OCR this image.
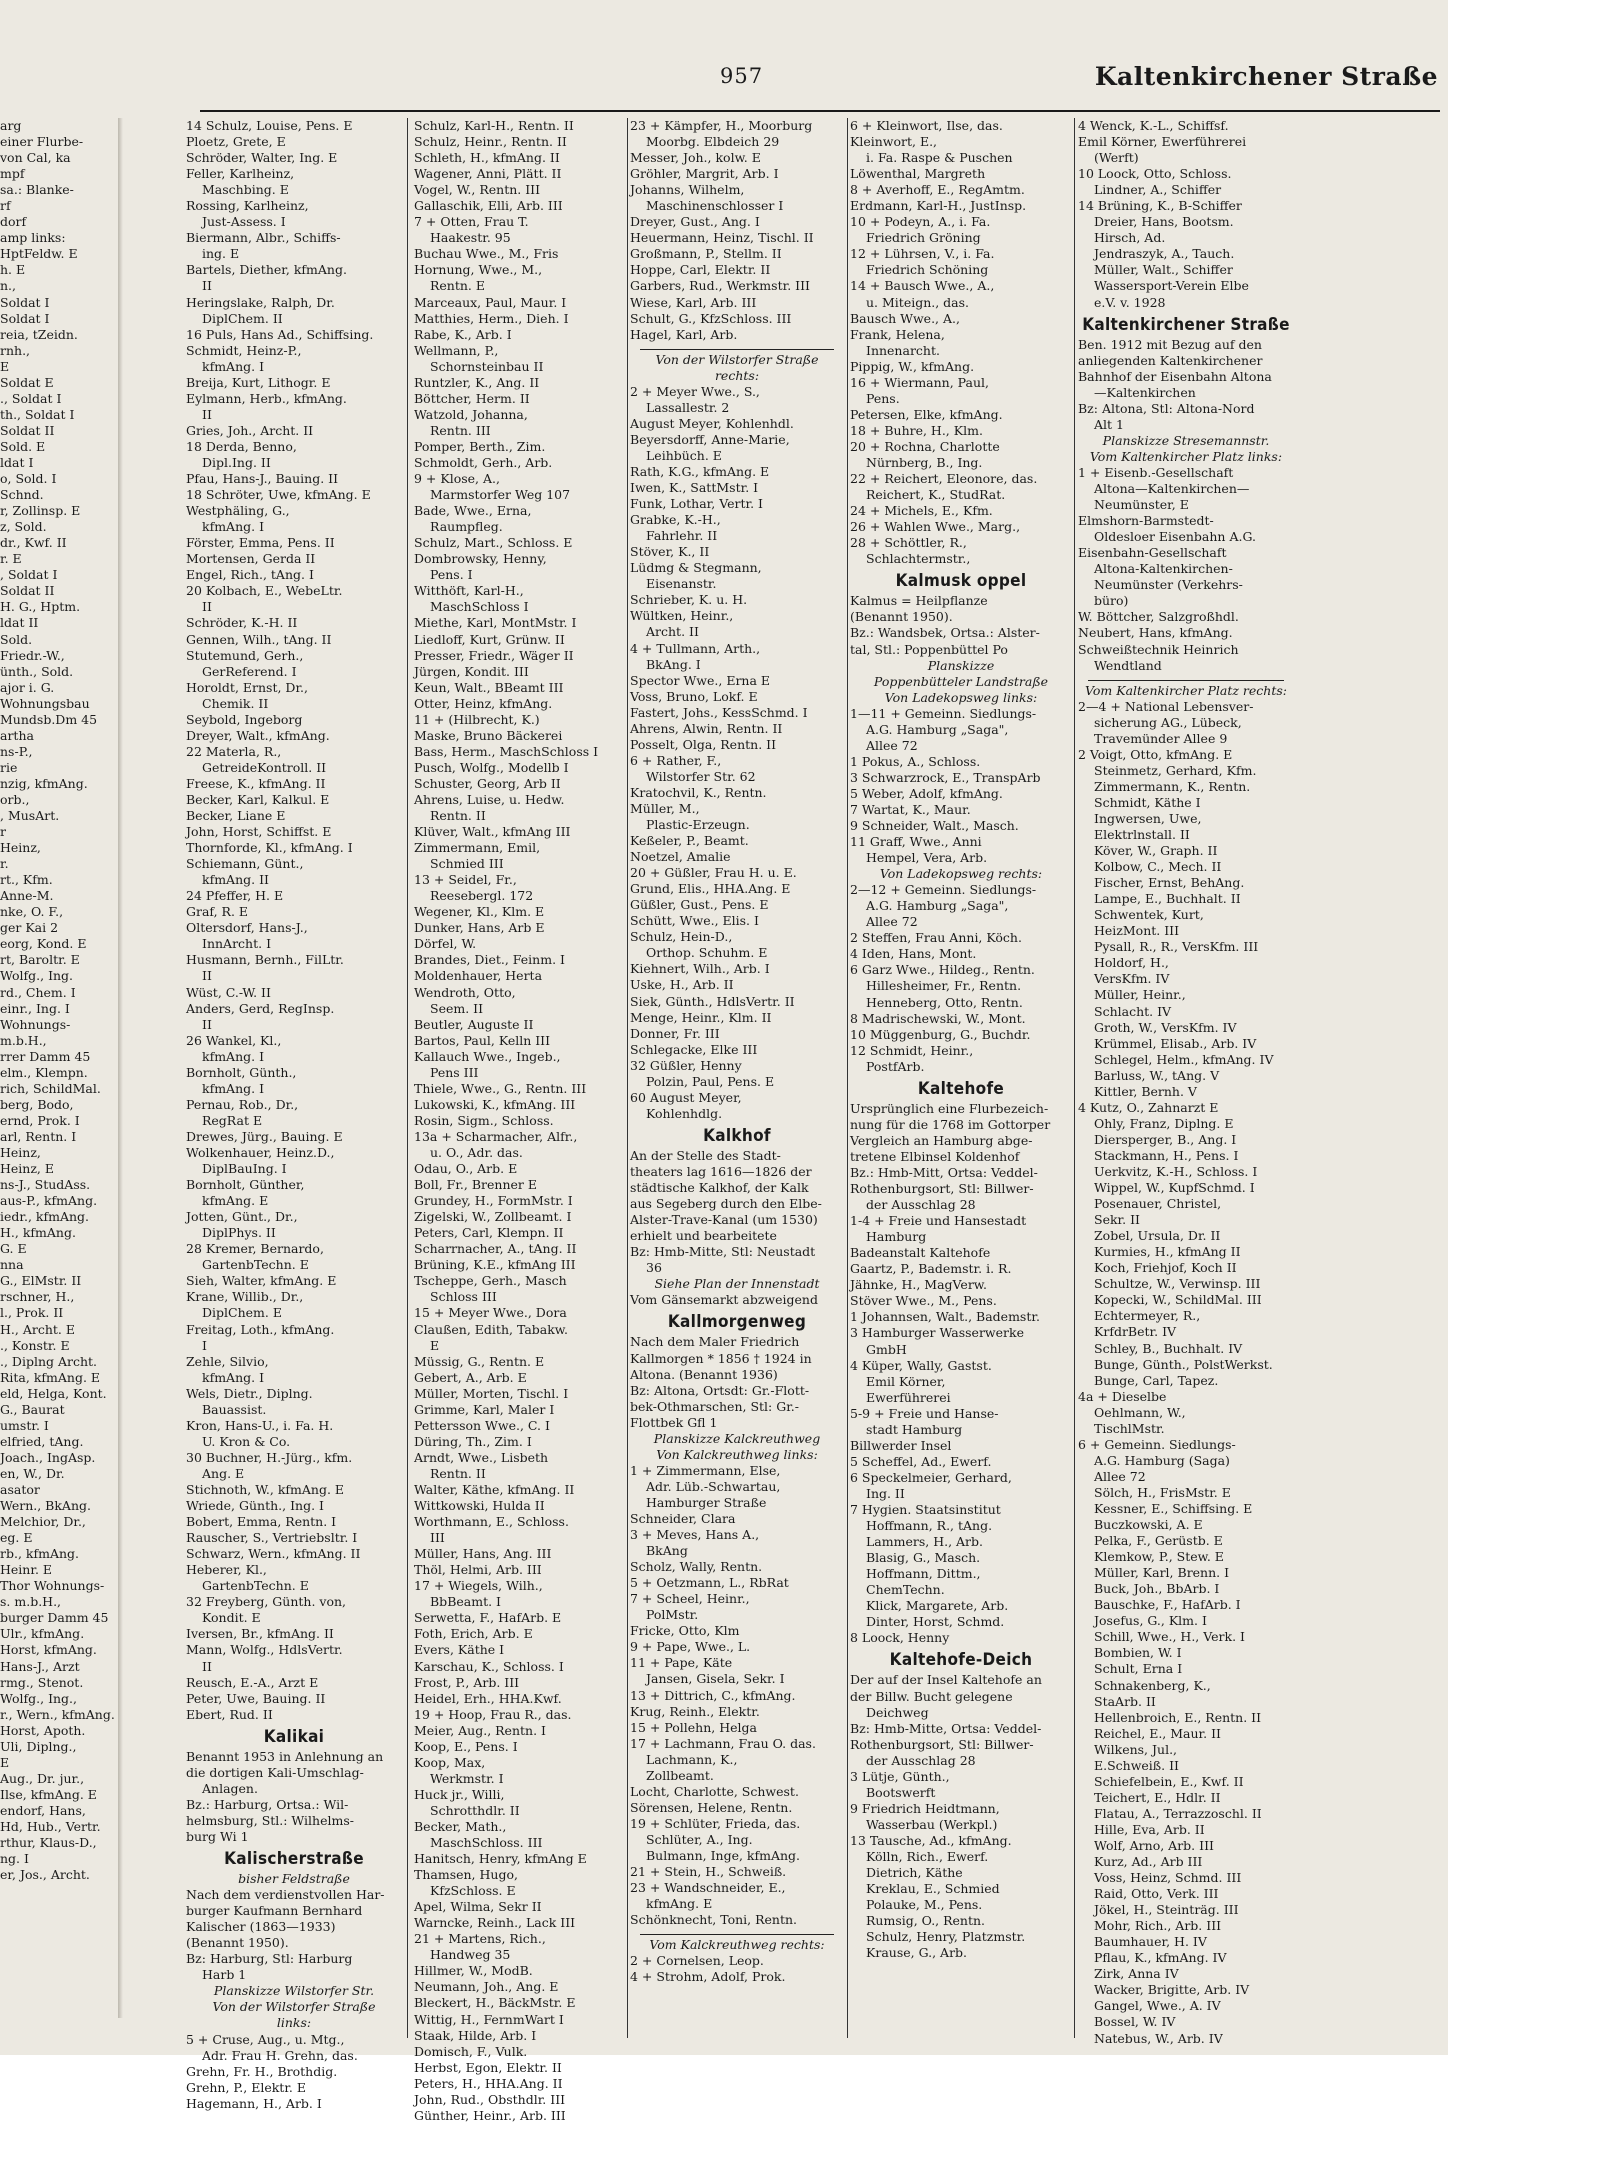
957	Kaltenkirchener Straße
arg
einer Flurbe-
von Cal, ka
mpf
sa.: Blanke-
rf
dorf
amp links:
HptFeldw. E
h. E
n.,
Soldat I
Soldat I
reia, tZeidn.
rnh.,
E
Soldat E
., Soldat I
th., Soldat I
Soldat II
Sold. E
ldat I
o, Sold. I
Schnd.
r, Zollinsp. E
z, Sold.
dr., Kwf. II
r. E
, Soldat I
Soldat II
H. G., Hptm.
ldat II
Sold.
Friedr.-W.,
ünth., Sold.
ajor i. G.
Wohnungsbau
Mundsb.Dm 45
artha
ns-P.,
rie
nzig, kfmAng.
orb.,
, MusArt.
r
Heinz,
r.
rt., Kfm.
Anne-M.
nke, O. F.,
ger Kai 2
eorg, Kond. E
rt, Baroltr. E
Wolfg., Ing.
rd., Chem. I
einr., Ing. I
Wohnungs-
m.b.H.,
rrer Damm 45
elm., Klempn.
rich, SchildMal.
berg, Bodo,
ernd, Prok. I
arl, Rentn. I
Heinz,
Heinz, E
ns-J., StudAss.
aus-P., kfmAng.
iedr., kfmAng.
H., kfmAng.
G. E
nna
G., ElMstr. II
rschner, H.,
l., Prok. II
H., Archt. E
., Konstr. E
., Diplng Archt.
Rita, kfmAng. E
eld, Helga, Kont.
G., Baurat
umstr. I
elfried, tAng.
Joach., IngAsp.
en, W., Dr.
asator
Wern., BkAng.
Melchior, Dr.,
eg. E
rb., kfmAng.
Heinr. E
Thor Wohnungs-
s. m.b.H.,
burger Damm 45
Ulr., kfmAng.
Horst, kfmAng.
Hans-J., Arzt
rmg., Stenot.
Wolfg., Ing.,
r., Wern., kfmAng.
Horst, Apoth.
Uli, Diplng.,
E
Aug., Dr. jur.,
Ilse, kfmAng. E
endorf, Hans,
Hd, Hub., Vertr.
rthur, Klaus-D.,
ng. I
er, Jos., Archt.
14 Schulz, Louise, Pens. E
Ploetz, Grete, E
Schröder, Walter, Ing. E
Feller, Karlheinz,
Maschbing. E
Rossing, Karlheinz,
Just-Assess. I
Biermann, Albr., Schiffs-
ing. E
Bartels, Diether, kfmAng.
II
Heringslake, Ralph, Dr.
DiplChem. II
16 Puls, Hans Ad., Schiffsing.
Schmidt, Heinz-P.,
kfmAng. I
Breija, Kurt, Lithogr. E
Eylmann, Herb., kfmAng.
II
Gries, Joh., Archt. II
18 Derda, Benno,
Dipl.Ing. II
Pfau, Hans-J., Bauing. II
18 Schröter, Uwe, kfmAng. E
Westphäling, G.,
kfmAng. I
Förster, Emma, Pens. II
Mortensen, Gerda II
Engel, Rich., tAng. I
20 Kolbach, E., WebeLtr.
II
Schröder, K.-H. II
Gennen, Wilh., tAng. II
Stutemund, Gerh.,
GerReferend. I
Horoldt, Ernst, Dr.,
Chemik. II
Seybold, Ingeborg
Dreyer, Walt., kfmAng.
22 Materla, R.,
GetreideKontroll. II
Freese, K., kfmAng. II
Becker, Karl, Kalkul. E
Becker, Liane E
John, Horst, Schiffst. E
Thornforde, Kl., kfmAng. I
Schiemann, Günt.,
kfmAng. II
24 Pfeffer, H. E
Graf, R. E
Oltersdorf, Hans-J.,
InnArcht. I
Husmann, Bernh., FilLtr.
II
Wüst, C.-W. II
Anders, Gerd, RegInsp.
II
26 Wankel, Kl.,
kfmAng. I
Bornholt, Günth.,
kfmAng. I
Pernau, Rob., Dr.,
RegRat E
Drewes, Jürg., Bauing. E
Wolkenhauer, Heinz.D.,
DiplBauIng. I
Bornholt, Günther,
kfmAng. E
Jotten, Günt., Dr.,
DiplPhys. II
28 Kremer, Bernardo,
GartenbTechn. E
Sieh, Walter, kfmAng. E
Krane, Willib., Dr.,
DiplChem. E
Freitag, Loth., kfmAng.
I
Zehle, Silvio,
kfmAng. I
Wels, Dietr., Diplng.
Bauassist.
Kron, Hans-U., i. Fa. H.
U. Kron & Co.
30 Buchner, H.-Jürg., kfm.
Ang. E
Stichnoth, W., kfmAng. E
Wriede, Günth., Ing. I
Bobert, Emma, Rentn. I
Rauscher, S., Vertriebsltr. I
Schwarz, Wern., kfmAng. II
Heberer, Kl.,
GartenbTechn. E
32 Freyberg, Günth. von,
Kondit. E
Iversen, Br., kfmAng. II
Mann, Wolfg., HdlsVertr.
II
Reusch, E.-A., Arzt E
Peter, Uwe, Bauing. II
Ebert, Rud. II
Kalikai
Benannt 1953 in Anlehnung an
die dortigen Kali-Umschlag-
Anlagen.
Bz.: Harburg, Ortsa.: Wil-
helmsburg, Stl.: Wilhelms-
burg Wi 1
Kalischerstraße
bisher Feldstraße
Nach dem verdienstvollen Har-
burger Kaufmann Bernhard
Kalischer (1863—1933)
(Benannt 1950).
Bz: Harburg, Stl: Harburg
Harb 1
Planskizze Wilstorfer Str.
Von der Wilstorfer Straße
links:
5 + Cruse, Aug., u. Mtg.,
Adr. Frau H. Grehn, das.
Grehn, Fr. H., Brothdig.
Grehn, P., Elektr. E
Hagemann, H., Arb. I
Schulz, Karl-H., Rentn. II
Schulz, Heinr., Rentn. II
Schleth, H., kfmAng. II
Wagener, Anni, Plätt. II
Vogel, W., Rentn. III
Gallaschik, Elli, Arb. III
7 + Otten, Frau T.
Haakestr. 95
Buchau Wwe., M., Fris
Hornung, Wwe., M.,
Rentn. E
Marceaux, Paul, Maur. I
Matthies, Herm., Dieh. I
Rabe, K., Arb. I
Wellmann, P.,
Schornsteinbau II
Runtzler, K., Ang. II
Böttcher, Herm. II
Watzold, Johanna,
Rentn. III
Pomper, Berth., Zim.
Schmoldt, Gerh., Arb.
9 + Klose, A.,
Marmstorfer Weg 107
Bade, Wwe., Erna,
Raumpfleg.
Schulz, Mart., Schloss. E
Dombrowsky, Henny,
Pens. I
Witthöft, Karl-H.,
MaschSchloss I
Miethe, Karl, MontMstr. I
Liedloff, Kurt, Grünw. II
Presser, Friedr., Wäger II
Jürgen, Kondit. III
Keun, Walt., BBeamt III
Otter, Heinz, kfmAng.
11 + (Hilbrecht, K.)
Maske, Bruno Bäckerei
Bass, Herm., MaschSchloss I
Pusch, Wolfg., Modellb I
Schuster, Georg, Arb II
Ahrens, Luise, u. Hedw.
Rentn. II
Klüver, Walt., kfmAng III
Zimmermann, Emil,
Schmied III
13 + Seidel, Fr.,
Reesebergl. 172
Wegener, Kl., Klm. E
Dunker, Hans, Arb E
Dörfel, W.
Brandes, Diet., Feinm. I
Moldenhauer, Herta
Wendroth, Otto,
Seem. II
Beutler, Auguste II
Bartos, Paul, Kelln III
Kallauch Wwe., Ingeb.,
Pens III
Thiele, Wwe., G., Rentn. III
Lukowski, K., kfmAng. III
Rosin, Sigm., Schloss.
13a + Scharmacher, Alfr.,
u. O., Adr. das.
Odau, O., Arb. E
Boll, Fr., Brenner E
Grundey, H., FormMstr. I
Zigelski, W., Zollbeamt. I
Peters, Carl, Klempn. II
Scharrnacher, A., tAng. II
Brüning, K.E., kfmAng III
Tscheppe, Gerh., Masch
Schloss III
15 + Meyer Wwe., Dora
Claußen, Edith, Tabakw.
E
Müssig, G., Rentn. E
Gebert, A., Arb. E
Müller, Morten, Tischl. I
Grimme, Karl, Maler I
Pettersson Wwe., C. I
Düring, Th., Zim. I
Arndt, Wwe., Lisbeth
Rentn. II
Walter, Käthe, kfmAng. II
Wittkowski, Hulda II
Worthmann, E., Schloss.
III
Müller, Hans, Ang. III
Thöl, Helmi, Arb. III
17 + Wiegels, Wilh.,
BbBeamt. I
Serwetta, F., HafArb. E
Foth, Erich, Arb. E
Evers, Käthe I
Karschau, K., Schloss. I
Frost, P., Arb. III
Heidel, Erh., HHA.Kwf.
19 + Hoop, Frau R., das.
Meier, Aug., Rentn. I
Koop, E., Pens. I
Koop, Max,
Werkmstr. I
Huck jr., Willi,
Schrotthdlr. II
Becker, Math.,
MaschSchloss. III
Hanitsch, Henry, kfmAng E
Thamsen, Hugo,
KfzSchloss. E
Apel, Wilma, Sekr II
Warncke, Reinh., Lack III
21 + Martens, Rich.,
Handweg 35
Hillmer, W., ModB.
Neumann, Joh., Ang. E
Bleckert, H., BäckMstr. E
Wittig, H., FernmWart I
Staak, Hilde, Arb. I
Domisch, F., Vulk.
Herbst, Egon, Elektr. II
Peters, H., HHA.Ang. II
John, Rud., Obsthdlr. III
Günther, Heinr., Arb. III
23 + Kämpfer, H., Moorburg
Moorbg. Elbdeich 29
Messer, Joh., kolw. E
Gröhler, Margrit, Arb. I
Johanns, Wilhelm,
Maschinenschlosser I
Dreyer, Gust., Ang. I
Heuermann, Heinz, Tischl. II
Großmann, P., Stellm. II
Hoppe, Carl, Elektr. II
Garbers, Rud., Werkmstr. III
Wiese, Karl, Arb. III
Schult, G., KfzSchloss. III
Hagel, Karl, Arb.
Von der Wilstorfer Straße
rechts:
2 + Meyer Wwe., S.,
Lassallestr. 2
August Meyer, Kohlenhdl.
Beyersdorff, Anne-Marie,
Leihbüch. E
Rath, K.G., kfmAng. E
Iwen, K., SattMstr. I
Funk, Lothar, Vertr. I
Grabke, K.-H.,
Fahrlehr. II
Stöver, K., II
Lüdmg & Stegmann,
Eisenanstr.
Schrieber, K. u. H.
Wültken, Heinr.,
Archt. II
4 + Tullmann, Arth.,
BkAng. I
Spector Wwe., Erna E
Voss, Bruno, Lokf. E
Fastert, Johs., KessSchmd. I
Ahrens, Alwin, Rentn. II
Posselt, Olga, Rentn. II
6 + Rather, F.,
Wilstorfer Str. 62
Kratochvil, K., Rentn.
Müller, M.,
Plastic-Erzeugn.
Keßeler, P., Beamt.
Noetzel, Amalie
20 + Güßler, Frau H. u. E.
Grund, Elis., HHA.Ang. E
Güßler, Gust., Pens. E
Schütt, Wwe., Elis. I
Schulz, Hein-D.,
Orthop. Schuhm. E
Kiehnert, Wilh., Arb. I
Uske, H., Arb. II
Siek, Günth., HdlsVertr. II
Menge, Heinr., Klm. II
Donner, Fr. III
Schlegacke, Elke III
32 Güßler, Henny
Polzin, Paul, Pens. E
60 August Meyer,
Kohlenhdlg.
Kalkhof
An der Stelle des Stadt-
theaters lag 1616—1826 der
städtische Kalkhof, der Kalk
aus Segeberg durch den Elbe-
Alster-Trave-Kanal (um 1530)
erhielt und bearbeitete
Bz: Hmb-Mitte, Stl: Neustadt
36
Siehe Plan der Innenstadt
Vom Gänsemarkt abzweigend
Kallmorgenweg
Nach dem Maler Friedrich
Kallmorgen * 1856 † 1924 in
Altona. (Benannt 1936)
Bz: Altona, Ortsdt: Gr.-Flott-
bek-Othmarschen, Stl: Gr.-
Flottbek Gfl 1
Planskizze Kalckreuthweg
Von Kalckreuthweg links:
1 + Zimmermann, Else,
Adr. Lüb.-Schwartau,
Hamburger Straße
Schneider, Clara
3 + Meves, Hans A.,
BkAng
Scholz, Wally, Rentn.
5 + Oetzmann, L., RbRat
7 + Scheel, Heinr.,
PolMstr.
Fricke, Otto, Klm
9 + Pape, Wwe., L.
11 + Pape, Käte
Jansen, Gisela, Sekr. I
13 + Dittrich, C., kfmAng.
Krug, Reinh., Elektr.
15 + Pollehn, Helga
17 + Lachmann, Frau O. das.
Lachmann, K.,
Zollbeamt.
Locht, Charlotte, Schwest.
Sörensen, Helene, Rentn.
19 + Schlüter, Frieda, das.
Schlüter, A., Ing.
Bulmann, Inge, kfmAng.
21 + Stein, H., Schweiß.
23 + Wandschneider, E.,
kfmAng. E
Schönknecht, Toni, Rentn.
Vom Kalckreuthweg rechts:
2 + Cornelsen, Leop.
4 + Strohm, Adolf, Prok.
6 + Kleinwort, Ilse, das.
Kleinwort, E.,
i. Fa. Raspe & Puschen
Löwenthal, Margreth
8 + Averhoff, E., RegAmtm.
Erdmann, Karl-H., JustInsp.
10 + Podeyn, A., i. Fa.
Friedrich Gröning
12 + Lührsen, V., i. Fa.
Friedrich Schöning
14 + Bausch Wwe., A.,
u. Miteign., das.
Bausch Wwe., A.,
Frank, Helena,
Innenarcht.
Pippig, W., kfmAng.
16 + Wiermann, Paul,
Pens.
Petersen, Elke, kfmAng.
18 + Buhre, H., Klm.
20 + Rochna, Charlotte
Nürnberg, B., Ing.
22 + Reichert, Eleonore, das.
Reichert, K., StudRat.
24 + Michels, E., Kfm.
26 + Wahlen Wwe., Marg.,
28 + Schöttler, R.,
Schlachtermstr.,
Kalmusk oppel
Kalmus = Heilpflanze
(Benannt 1950).
Bz.: Wandsbek, Ortsa.: Alster-
tal, Stl.: Poppenbüttel Po
Planskizze
Poppenbütteler Landstraße
Von Ladekopsweg links:
1—11 + Gemeinn. Siedlungs-
A.G. Hamburg „Saga",
Allee 72
1 Pokus, A., Schloss.
3 Schwarzrock, E., TranspArb
5 Weber, Adolf, kfmAng.
7 Wartat, K., Maur.
9 Schneider, Walt., Masch.
11 Graff, Wwe., Anni
Hempel, Vera, Arb.
Von Ladekopsweg rechts:
2—12 + Gemeinn. Siedlungs-
A.G. Hamburg „Saga",
Allee 72
2 Steffen, Frau Anni, Köch.
4 Iden, Hans, Mont.
6 Garz Wwe., Hildeg., Rentn.
Hillesheimer, Fr., Rentn.
Henneberg, Otto, Rentn.
8 Madrischewski, W., Mont.
10 Müggenburg, G., Buchdr.
12 Schmidt, Heinr.,
PostfArb.
Kaltehofe
Ursprünglich eine Flurbezeich-
nung für die 1768 im Gottorper
Vergleich an Hamburg abge-
tretene Elbinsel Koldenhof
Bz.: Hmb-Mitt, Ortsa: Veddel-
Rothenburgsort, Stl: Billwer-
der Ausschlag 28
1-4 + Freie und Hansestadt
Hamburg
Badeanstalt Kaltehofe
Gaartz, P., Bademstr. i. R.
Jähnke, H., MagVerw.
Stöver Wwe., M., Pens.
1 Johannsen, Walt., Bademstr.
3 Hamburger Wasserwerke
GmbH
4 Küper, Wally, Gastst.
Emil Körner,
Ewerführerei
5-9 + Freie und Hanse-
stadt Hamburg
Billwerder Insel
5 Scheffel, Ad., Ewerf.
6 Speckelmeier, Gerhard,
Ing. II
7 Hygien. Staatsinstitut
Hoffmann, R., tAng.
Lammers, H., Arb.
Blasig, G., Masch.
Hoffmann, Dittm.,
ChemTechn.
Klick, Margarete, Arb.
Dinter, Horst, Schmd.
8 Loock, Henny
Kaltehofe-Deich
Der auf der Insel Kaltehofe an
der Billw. Bucht gelegene
Deichweg
Bz: Hmb-Mitte, Ortsa: Veddel-
Rothenburgsort, Stl: Billwer-
der Ausschlag 28
3 Lütje, Günth.,
Bootswerft
9 Friedrich Heidtmann,
Wasserbau (Werkpl.)
13 Tausche, Ad., kfmAng.
Kölln, Rich., Ewerf.
Dietrich, Käthe
Kreklau, E., Schmied
Polauke, M., Pens.
Rumsig, O., Rentn.
Schulz, Henry, Platzmstr.
Krause, G., Arb.
4 Wenck, K.-L., Schiffsf.
Emil Körner, Ewerführerei
(Werft)
10 Loock, Otto, Schloss.
Lindner, A., Schiffer
14 Brüning, K., B-Schiffer
Dreier, Hans, Bootsm.
Hirsch, Ad.
Jendraszyk, A., Tauch.
Müller, Walt., Schiffer
Wassersport-Verein Elbe
e.V. v. 1928
Kaltenkirchener Straße
Ben. 1912 mit Bezug auf den
anliegenden Kaltenkirchener
Bahnhof der Eisenbahn Altona
—Kaltenkirchen
Bz: Altona, Stl: Altona-Nord
Alt 1
Planskizze Stresemannstr.
Vom Kaltenkircher Platz links:
1 + Eisenb.-Gesellschaft
Altona—Kaltenkirchen—
Neumünster, E
Elmshorn-Barmstedt-
Oldesloer Eisenbahn A.G.
Eisenbahn-Gesellschaft
Altona-Kaltenkirchen-
Neumünster (Verkehrs-
büro)
W. Böttcher, Salzgroßhdl.
Neubert, Hans, kfmAng.
Schweißtechnik Heinrich
Wendtland
Vom Kaltenkircher Platz rechts:
2—4 + National Lebensver-
sicherung AG., Lübeck,
Travemünder Allee 9
2 Voigt, Otto, kfmAng. E
Steinmetz, Gerhard, Kfm.
Zimmermann, K., Rentn.
Schmidt, Käthe I
Ingwersen, Uwe,
Elektrlnstall. II
Köver, W., Graph. II
Kolbow, C., Mech. II
Fischer, Ernst, BehAng.
Lampe, E., Buchhalt. II
Schwentek, Kurt,
HeizMont. III
Pysall, R., R., VersKfm. III
Holdorf, H.,
VersKfm. IV
Müller, Heinr.,
Schlacht. IV
Groth, W., VersKfm. IV
Krümmel, Elisab., Arb. IV
Schlegel, Helm., kfmAng. IV
Barluss, W., tAng. V
Kittler, Bernh. V
4 Kutz, O., Zahnarzt E
Ohly, Franz, Diplng. E
Diersperger, B., Ang. I
Stackmann, H., Pens. I
Uerkvitz, K.-H., Schloss. I
Wippel, W., KupfSchmd. I
Posenauer, Christel,
Sekr. II
Zobel, Ursula, Dr. II
Kurmies, H., kfmAng II
Koch, Friehjof, Koch II
Schultze, W., Verwinsp. III
Kopecki, W., SchildMal. III
Echtermeyer, R.,
KrfdrBetr. IV
Schley, B., Buchhalt. IV
Bunge, Günth., PolstWerkst.
Bunge, Carl, Tapez.
4a + Dieselbe
Oehlmann, W.,
TischlMstr.
6 + Gemeinn. Siedlungs-
A.G. Hamburg (Saga)
Allee 72
Sölch, H., FrisMstr. E
Kessner, E., Schiffsing. E
Buczkowski, A. E
Pelka, F., Gerüstb. E
Klemkow, P., Stew. E
Müller, Karl, Brenn. I
Buck, Joh., BbArb. I
Bauschke, F., HafArb. I
Josefus, G., Klm. I
Schill, Wwe., H., Verk. I
Bombien, W. I
Schult, Erna I
Schnakenberg, K.,
StaArb. II
Hellenbroich, E., Rentn. II
Reichel, E., Maur. II
Wilkens, Jul.,
E.Schweiß. II
Schiefelbein, E., Kwf. II
Teichert, E., Hdlr. II
Flatau, A., Terrazzoschl. II
Hille, Eva, Arb. II
Wolf, Arno, Arb. III
Kurz, Ad., Arb III
Voss, Heinz, Schmd. III
Raid, Otto, Verk. III
Jökel, H., Steinträg. III
Mohr, Rich., Arb. III
Baumhauer, H. IV
Pflau, K., kfmAng. IV
Zirk, Anna IV
Wacker, Brigitte, Arb. IV
Gangel, Wwe., A. IV
Bossel, W. IV
Natebus, W., Arb. IV
